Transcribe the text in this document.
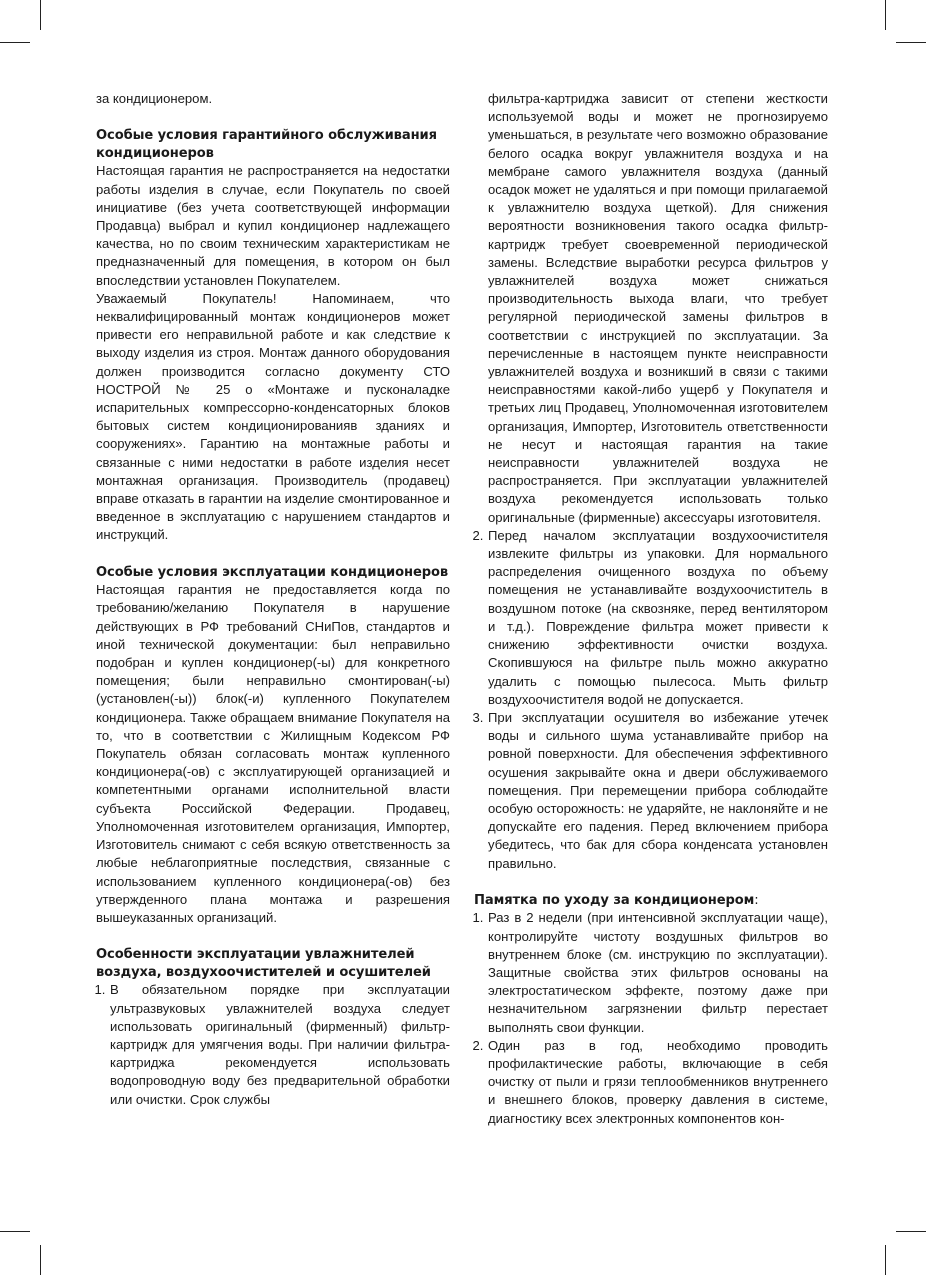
за кондиционером.

Особые условия гарантийного обслуживания кондиционеров

Настоящая гарантия не распространяется на недостатки работы изделия в случае, если Покупатель по своей инициативе (без учета соответствующей информации Продавца) выбрал и купил кондиционер надлежащего качества, но по своим техническим характеристикам не предназначенный для помещения, в котором он был впоследствии установлен Покупателем.

Уважаемый Покупатель! Напоминаем, что неквалифицированный монтаж кондиционеров может привести его неправильной работе и как следствие к выходу изделия из строя. Монтаж данного оборудования должен производится согласно документу СТО НОСТРОЙ № 25 о «Монтаже и пусконаладке испарительных компрессорно-конденсаторных блоков бытовых систем кондиционированияв зданиях и сооружениях». Гарантию на монтажные работы и связанные с ними недостатки в работе изделия несет монтажная организация. Производитель (продавец) вправе отказать в гарантии на изделие смонтированное и введенное в эксплуатацию с нарушением стандартов и инструкций.

Особые условия эксплуатации кондиционеров

Настоящая гарантия не предоставляется когда по требованию/желанию Покупателя в нарушение действующих в РФ требований СНиПов, стандартов и иной технической документации: был неправильно подобран и куплен кондиционер(-ы) для конкретного помещения; были неправильно смонтирован(-ы) (установлен(-ы)) блок(-и) купленного Покупателем кондиционера. Также обращаем внимание Покупателя на то, что в соответствии с Жилищным Кодексом РФ Покупатель обязан согласовать монтаж купленного кондиционера(-ов) с эксплуатирующей организацией и компетентными органами исполнительной власти субъекта Российской Федерации. Продавец, Уполномоченная изготовителем организация, Импортер, Изготовитель снимают с себя всякую ответственность за любые неблагоприятные последствия, связанные с использованием купленного кондиционера(-ов) без утвержденного плана монтажа и разрешения вышеуказанных организаций.

Особенности эксплуатации увлажнителей воздуха, воздухоочистителей и осушителей
1. В обязательном порядке при эксплуатации ультразвуковых увлажнителей воздуха следует использовать оригинальный (фирменный) фильтр-картридж для умягчения воды. При наличии фильтра-картриджа рекомендуется использовать водопроводную воду без предварительной обработки или очистки. Срок службы

фильтра-картриджа зависит от степени жесткости используемой воды и может не прогнозируемо уменьшаться, в результате чего возможно образование белого осадка вокруг увлажнителя воздуха и на мембране самого увлажнителя воздуха (данный осадок может не удаляться и при помощи прилагаемой к увлажнителю воздуха щеткой). Для снижения вероятности возникновения такого осадка фильтр-картридж требует своевременной периодической замены. Вследствие выработки ресурса фильтров у увлажнителей воздуха может снижаться производительность выхода влаги, что требует регулярной периодической замены фильтров в соответствии с инструкцией по эксплуатации. За перечисленные в настоящем пункте неисправности увлажнителей воздуха и возникший в связи с такими неисправностями какой-либо ущерб у Покупателя и третьих лиц Продавец, Уполномоченная изготовителем организация, Импортер, Изготовитель ответственности не несут и настоящая гарантия на такие неисправности увлажнителей воздуха не распространяется. При эксплуатации увлажнителей воздуха рекомендуется использовать только оригинальные (фирменные) аксессуары изготовителя.

2. Перед началом эксплуатации воздухоочистителя извлеките фильтры из упаковки. Для нормального распределения очищенного воздуха по объему помещения не устанавливайте воздухоочиститель в воздушном потоке (на сквозняке, перед вентилятором и т.д.). Повреждение фильтра может привести к снижению эффективности очистки воздуха. Скопившуюся на фильтре пыль можно аккуратно удалить с помощью пылесоса. Мыть фильтр воздухоочистителя водой не допускается.
3. При эксплуатации осушителя во избежание утечек воды и сильного шума устанавливайте прибор на ровной поверхности. Для обеспечения эффективного осушения закрывайте окна и двери обслуживаемого помещения. При перемещении прибора соблюдайте особую осторожность: не ударяйте, не наклоняйте и не допускайте его падения. Перед включением прибора убедитесь, что бак для сбора конденсата установлен правильно.
Памятка по уходу за кондиционером:
1. Раз в 2 недели (при интенсивной эксплуатации чаще), контролируйте чистоту воздушных фильтров во внутреннем блоке (см. инструкцию по эксплуатации). Защитные свойства этих фильтров основаны на электростатическом эффекте, поэтому даже при незначительном загрязнении фильтр перестает выполнять свои функции.
2. Один раз в год, необходимо проводить профилактические работы, включающие в себя очистку от пыли и грязи теплообменников внутреннего и внешнего блоков, проверку давления в системе, диагностику всех электронных компонентов кон-
